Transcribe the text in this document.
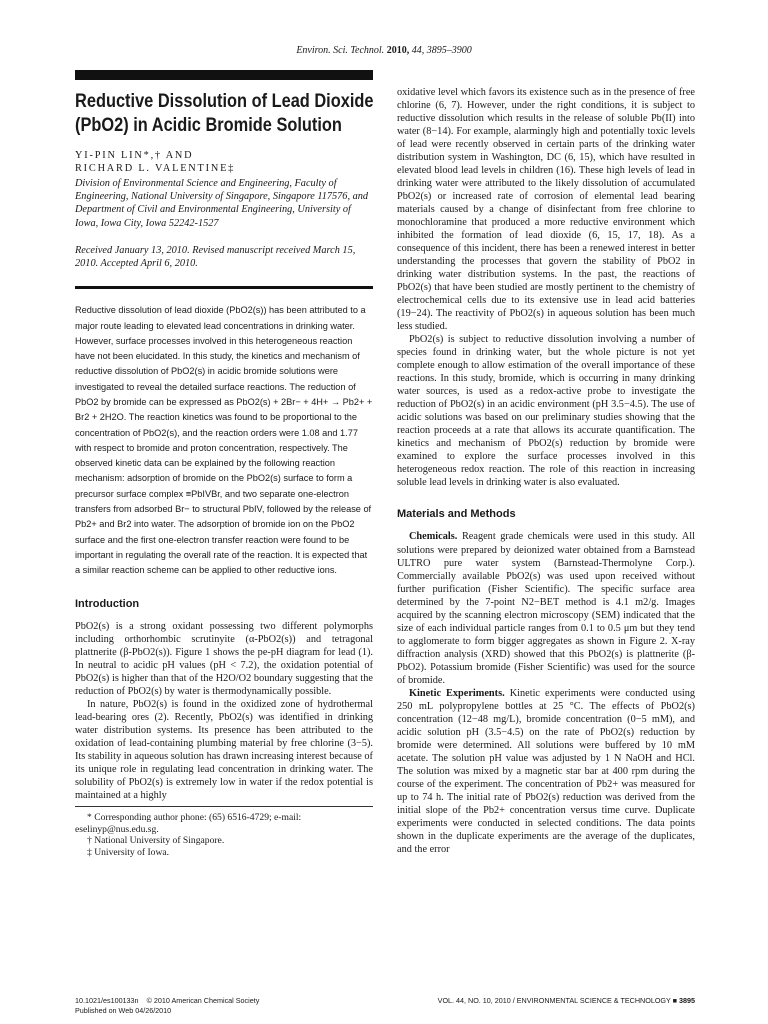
Environ. Sci. Technol. 2010, 44, 3895–3900
Reductive Dissolution of Lead Dioxide (PbO2) in Acidic Bromide Solution
YI-PIN LIN*,† AND
RICHARD L. VALENTINE‡
Division of Environmental Science and Engineering, Faculty of Engineering, National University of Singapore, Singapore 117576, and Department of Civil and Environmental Engineering, University of Iowa, Iowa City, Iowa 52242-1527
Received January 13, 2010. Revised manuscript received March 15, 2010. Accepted April 6, 2010.
Reductive dissolution of lead dioxide (PbO2(s)) has been attributed to a major route leading to elevated lead concentrations in drinking water. However, surface processes involved in this heterogeneous reaction have not been elucidated. In this study, the kinetics and mechanism of reductive dissolution of PbO2(s) in acidic bromide solutions were investigated to reveal the detailed surface reactions. The reduction of PbO2 by bromide can be expressed as PbO2(s) + 2Br− + 4H+ → Pb2+ + Br2 + 2H2O. The reaction kinetics was found to be proportional to the concentration of PbO2(s), and the reaction orders were 1.08 and 1.77 with respect to bromide and proton concentration, respectively. The observed kinetic data can be explained by the following reaction mechanism: adsorption of bromide on the PbO2(s) surface to form a precursor surface complex ≡PbIVBr, and two separate one-electron transfers from adsorbed Br− to structural PbIV, followed by the release of Pb2+ and Br2 into water. The adsorption of bromide ion on the PbO2 surface and the first one-electron transfer reaction were found to be important in regulating the overall rate of the reaction. It is expected that a similar reaction scheme can be applied to other reductive ions.
Introduction

PbO2(s) is a strong oxidant possessing two different polymorphs including orthorhombic scrutinyite (α-PbO2(s)) and tetragonal plattnerite (β-PbO2(s)). Figure 1 shows the pe-pH diagram for lead (1). In neutral to acidic pH values (pH < 7.2), the oxidation potential of PbO2(s) is higher than that of the H2O/O2 boundary suggesting that the reduction of PbO2(s) by water is thermodynamically possible.

In nature, PbO2(s) is found in the oxidized zone of hydrothermal lead-bearing ores (2). Recently, PbO2(s) was identified in drinking water distribution systems. Its presence has been attributed to the oxidation of lead-containing plumbing material by free chlorine (3−5). Its stability in aqueous solution has drawn increasing interest because of its unique role in regulating lead concentration in drinking water. The solubility of PbO2(s) is extremely low in water if the redox potential is maintained at a highly

* Corresponding author phone: (65) 6516-4729; e-mail: eselinyp@nus.edu.sg.
† National University of Singapore.
‡ University of Iowa.

oxidative level which favors its existence such as in the presence of free chlorine (6, 7). However, under the right conditions, it is subject to reductive dissolution which results in the release of soluble Pb(II) into water (8−14). For example, alarmingly high and potentially toxic levels of lead were recently observed in certain parts of the drinking water distribution system in Washington, DC (6, 15), which have resulted in elevated blood lead levels in children (16). These high levels of lead in drinking water were attributed to the likely dissolution of accumulated PbO2(s) or increased rate of corrosion of elemental lead bearing materials caused by a change of disinfectant from free chlorine to monochloramine that produced a more reductive environment which inhibited the formation of lead dioxide (6, 15, 17, 18). As a consequence of this incident, there has been a renewed interest in better understanding the processes that govern the stability of PbO2 in drinking water distribution systems. In the past, the reactions of PbO2(s) that have been studied are mostly pertinent to the chemistry of electrochemical cells due to its extensive use in lead acid batteries (19−24). The reactivity of PbO2(s) in aqueous solution has been much less studied.

PbO2(s) is subject to reductive dissolution involving a number of species found in drinking water, but the whole picture is not yet complete enough to allow estimation of the overall importance of these reactions. In this study, bromide, which is occurring in many drinking water sources, is used as a redox-active probe to investigate the reduction of PbO2(s) in an acidic environment (pH 3.5−4.5). The use of acidic solutions was based on our preliminary studies showing that the reaction proceeds at a rate that allows its accurate quantification. The kinetics and mechanism of PbO2(s) reduction by bromide were examined to explore the surface processes involved in this heterogeneous redox reaction. The role of this reaction in increasing soluble lead levels in drinking water is also evaluated.

Materials and Methods

Chemicals. Reagent grade chemicals were used in this study. All solutions were prepared by deionized water obtained from a Barnstead ULTRO pure water system (Barnstead-Thermolyne Corp.). Commercially available PbO2(s) was used upon received without further purification (Fisher Scientific). The specific surface area determined by the 7-point N2−BET method is 4.1 m2/g. Images acquired by the scanning electron microscopy (SEM) indicated that the size of each individual particle ranges from 0.1 to 0.5 μm but they tend to agglomerate to form bigger aggregates as shown in Figure 2. X-ray diffraction analysis (XRD) showed that this PbO2(s) is plattnerite (β-PbO2). Potassium bromide (Fisher Scientific) was used for the source of bromide.

Kinetic Experiments. Kinetic experiments were conducted using 250 mL polypropylene bottles at 25 °C. The effects of PbO2(s) concentration (12−48 mg/L), bromide concentration (0−5 mM), and acidic solution pH (3.5−4.5) on the rate of PbO2(s) reduction by bromide were determined. All solutions were buffered by 10 mM acetate. The solution pH value was adjusted by 1 N NaOH and HCl. The solution was mixed by a magnetic star bar at 400 rpm during the course of the experiment. The concentration of Pb2+ was measured for up to 74 h. The initial rate of PbO2(s) reduction was derived from the initial slope of the Pb2+ concentration versus time curve. Duplicate experiments were conducted in selected conditions. The data points shown in the duplicate experiments are the average of the duplicates, and the error

10.1021/es100133n © 2010 American Chemical Society
Published on Web 04/26/2010
VOL. 44, NO. 10, 2010 / ENVIRONMENTAL SCIENCE & TECHNOLOGY ■ 3895
